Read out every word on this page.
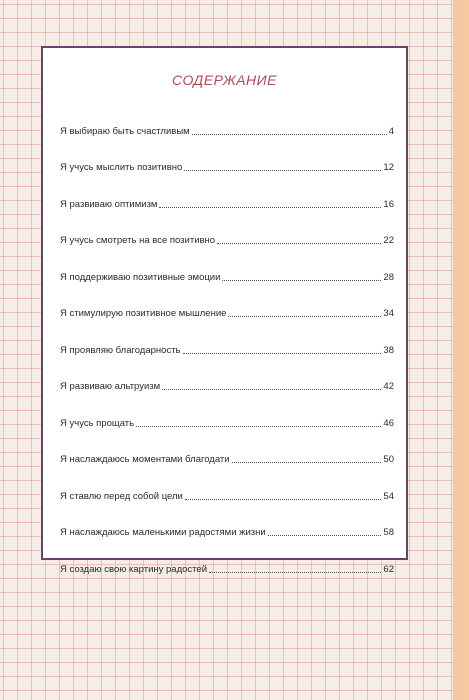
СОДЕРЖАНИЕ
Я выбираю быть счастливым	4
Я учусь мыслить позитивно	12
Я развиваю оптимизм	16
Я учусь смотреть на все позитивно	22
Я поддерживаю позитивные эмоции	28
Я стимулирую позитивное мышление	34
Я проявляю благодарность	38
Я развиваю альтруизм	42
Я учусь прощать	46
Я наслаждаюсь моментами благодати	50
Я ставлю перед собой цели	54
Я наслаждаюсь маленькими радостями жизни	58
Я создаю свою картину радостей	62
